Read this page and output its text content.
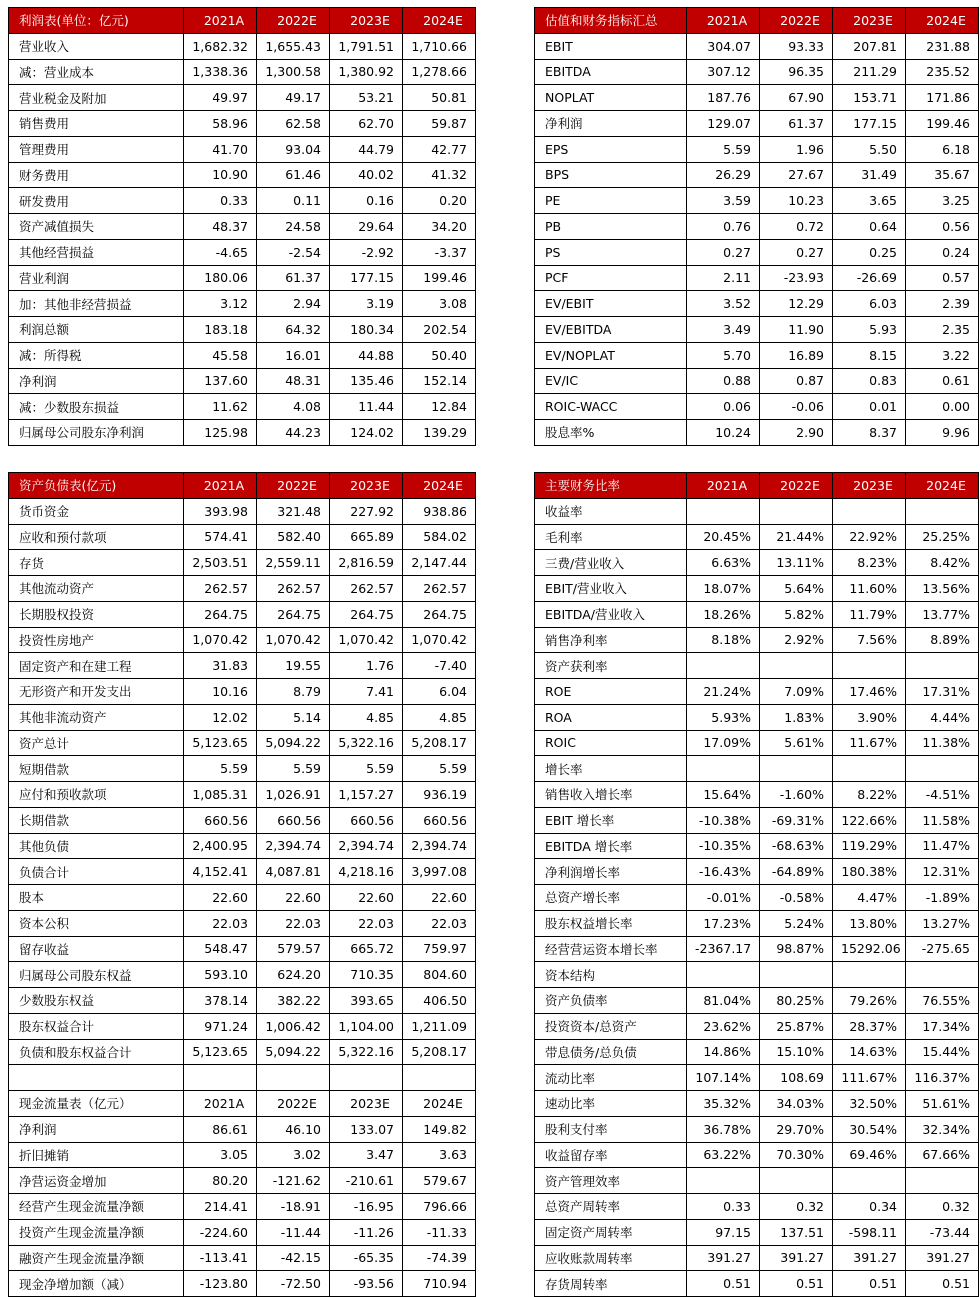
利润表(单位：亿元)	2021A	2022E	2023E	2024E
营业收入	1,682.32	1,655.43	1,791.51	1,710.66
减：营业成本	1,338.36	1,300.58	1,380.92	1,278.66
营业税金及附加	49.97	49.17	53.21	50.81
销售费用	58.96	62.58	62.70	59.87
管理费用	41.70	93.04	44.79	42.77
财务费用	10.90	61.46	40.02	41.32
研发费用	0.33	0.11	0.16	0.20
资产减值损失	48.37	24.58	29.64	34.20
其他经营损益	-4.65	-2.54	-2.92	-3.37
营业利润	180.06	61.37	177.15	199.46
加：其他非经营损益	3.12	2.94	3.19	3.08
利润总额	183.18	64.32	180.34	202.54
减：所得税	45.58	16.01	44.88	50.40
净利润	137.60	48.31	135.46	152.14
减：少数股东损益	11.62	4.08	11.44	12.84
归属母公司股东净利润	125.98	44.23	124.02	139.29
估值和财务指标汇总	2021A	2022E	2023E	2024E
EBIT	304.07	93.33	207.81	231.88
EBITDA	307.12	96.35	211.29	235.52
NOPLAT	187.76	67.90	153.71	171.86
净利润	129.07	61.37	177.15	199.46
EPS	5.59	1.96	5.50	6.18
BPS	26.29	27.67	31.49	35.67
PE	3.59	10.23	3.65	3.25
PB	0.76	0.72	0.64	0.56
PS	0.27	0.27	0.25	0.24
PCF	2.11	-23.93	-26.69	0.57
EV/EBIT	3.52	12.29	6.03	2.39
EV/EBITDA	3.49	11.90	5.93	2.35
EV/NOPLAT	5.70	16.89	8.15	3.22
EV/IC	0.88	0.87	0.83	0.61
ROIC-WACC	0.06	-0.06	0.01	0.00
股息率%	10.24	2.90	8.37	9.96
资产负债表(亿元)	2021A	2022E	2023E	2024E
货币资金	393.98	321.48	227.92	938.86
应收和预付款项	574.41	582.40	665.89	584.02
存货	2,503.51	2,559.11	2,816.59	2,147.44
其他流动资产	262.57	262.57	262.57	262.57
长期股权投资	264.75	264.75	264.75	264.75
投资性房地产	1,070.42	1,070.42	1,070.42	1,070.42
固定资产和在建工程	31.83	19.55	1.76	-7.40
无形资产和开发支出	10.16	8.79	7.41	6.04
其他非流动资产	12.02	5.14	4.85	4.85
资产总计	5,123.65	5,094.22	5,322.16	5,208.17
短期借款	5.59	5.59	5.59	5.59
应付和预收款项	1,085.31	1,026.91	1,157.27	936.19
长期借款	660.56	660.56	660.56	660.56
其他负债	2,400.95	2,394.74	2,394.74	2,394.74
负债合计	4,152.41	4,087.81	4,218.16	3,997.08
股本	22.60	22.60	22.60	22.60
资本公积	22.03	22.03	22.03	22.03
留存收益	548.47	579.57	665.72	759.97
归属母公司股东权益	593.10	624.20	710.35	804.60
少数股东权益	378.14	382.22	393.65	406.50
股东权益合计	971.24	1,006.42	1,104.00	1,211.09
负债和股东权益合计	5,123.65	5,094.22	5,322.16	5,208.17

现金流量表（亿元）	2021A	2022E	2023E	2024E
净利润	86.61	46.10	133.07	149.82
折旧摊销	3.05	3.02	3.47	3.63
净营运资金增加	80.20	-121.62	-210.61	579.67
经营产生现金流量净额	214.41	-18.91	-16.95	796.66
投资产生现金流量净额	-224.60	-11.44	-11.26	-11.33
融资产生现金流量净额	-113.41	-42.15	-65.35	-74.39
现金净增加额（减）	-123.80	-72.50	-93.56	710.94
主要财务比率	2021A	2022E	2023E	2024E
收益率				
毛利率	20.45%	21.44%	22.92%	25.25%
三费/营业收入	6.63%	13.11%	8.23%	8.42%
EBIT/营业收入	18.07%	5.64%	11.60%	13.56%
EBITDA/营业收入	18.26%	5.82%	11.79%	13.77%
销售净利率	8.18%	2.92%	7.56%	8.89%
资产获利率				
ROE	21.24%	7.09%	17.46%	17.31%
ROA	5.93%	1.83%	3.90%	4.44%
ROIC	17.09%	5.61%	11.67%	11.38%
增长率				
销售收入增长率	15.64%	-1.60%	8.22%	-4.51%
EBIT 增长率	-10.38%	-69.31%	122.66%	11.58%
EBITDA 增长率	-10.35%	-68.63%	119.29%	11.47%
净利润增长率	-16.43%	-64.89%	180.38%	12.31%
总资产增长率	-0.01%	-0.58%	4.47%	-1.89%
股东权益增长率	17.23%	5.24%	13.80%	13.27%
经营营运资本增长率	-2367.17	98.87%	15292.06	-275.65
资本结构				
资产负债率	81.04%	80.25%	79.26%	76.55%
投资资本/总资产	23.62%	25.87%	28.37%	17.34%
带息债务/总负债	14.86%	15.10%	14.63%	15.44%
流动比率	107.14%	108.69	111.67%	116.37%
速动比率	35.32%	34.03%	32.50%	51.61%
股利支付率	36.78%	29.70%	30.54%	32.34%
收益留存率	63.22%	70.30%	69.46%	67.66%
资产管理效率				
总资产周转率	0.33	0.32	0.34	0.32
固定资产周转率	97.15	137.51	-598.11	-73.44
应收账款周转率	391.27	391.27	391.27	391.27
存货周转率	0.51	0.51	0.51	0.51
